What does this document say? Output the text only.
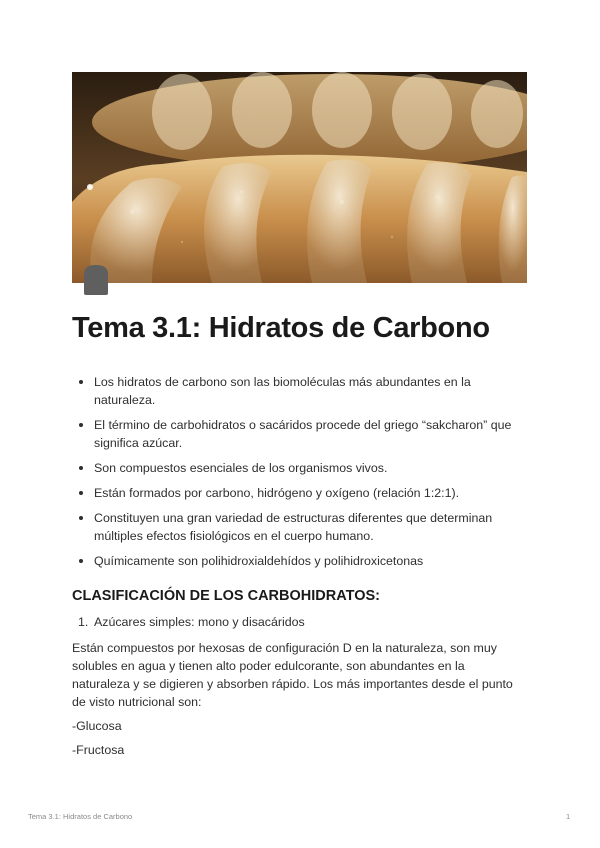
Tema 3.1: Hidratos de Carbono
Los hidratos de carbono son las biomoléculas más abundantes en la naturaleza.
El término de carbohidratos o sacáridos procede del griego “sakcharon” que significa azúcar.
Son compuestos esenciales de los organismos vivos.
Están formados por carbono, hidrógeno y oxígeno (relación 1:2:1).
Constituyen una gran variedad de estructuras diferentes que determinan múltiples efectos fisiológicos en el cuerpo humano.
Químicamente son polihidroxialdehídos y polihidroxicetonas
CLASIFICACIÓN DE LOS CARBOHIDRATOS:
1. Azúcares simples: mono y disacáridos

Están compuestos por hexosas de configuración D en la naturaleza, son muy solubles en agua y tienen alto poder edulcorante, son abundantes en la naturaleza y se digieren y absorben rápido. Los más importantes desde el punto de visto nutricional son:

-Glucosa
-Fructosa
Tema 3.1: Hidratos de Carbono	1
